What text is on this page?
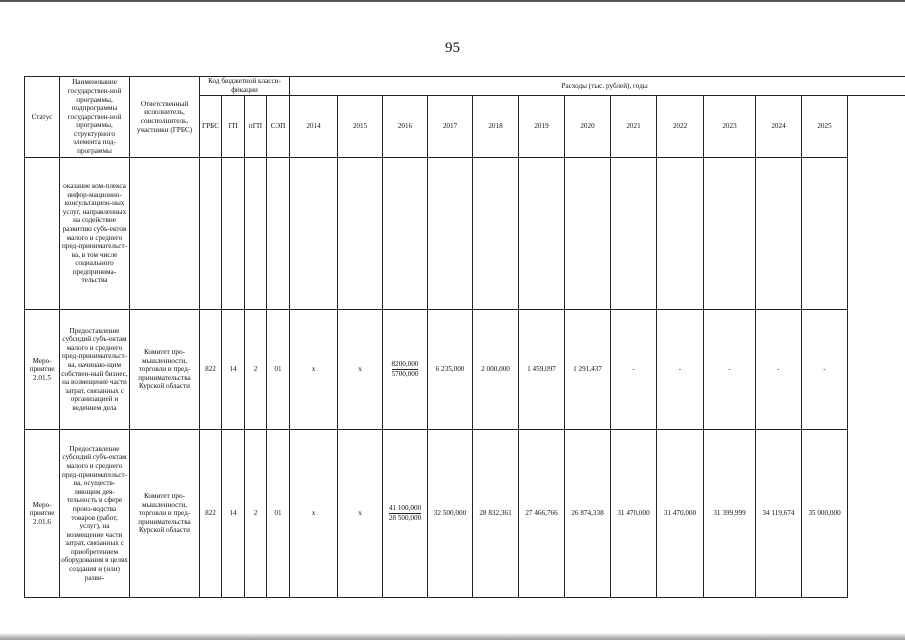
95
Статус	Наименование государствен-ной программы, подпрограммы государствен-ной программы, структурного элемента под-программы	Ответственный исполнитель, соисполнитель, участники (ГРБС)	Код бюджетной класси-фикации				Расходы (тыс. рублей), годы											
			ГРБС	ГП	пГП	СЭП	2014	2015	2016	2017	2018	2019	2020	2021	2022	2023	2024	2025

	оказание ком-плекса инфор-мационно-консультацион-ных услуг, направленных на содействие развитию субъ-ектов малого и среднего пред-принимательст-ва, в том числе социального предпринима-тельства																	
Меро-приятие 2.01.5	Предоставление субсидий субъ-ектам малого и среднего пред-принимательст-ва, начинаю-щим собствен-ный бизнес, на возмещение части затрат, связанных с организацией и ведением дела	Комитет про-мышленности, торговли и пред-принимательства Курской области	822	14	2	01	х	х	$\frac{8200,000}{5700,000}$	6 235,000	2 000,000	1 459,097	1 291,437	-	-	-	-	-
Меро-приятие 2.01.6	Предоставление субсидий субъ-ектам малого и среднего пред-принимательст-ва, осуществ-ляющим дея-тельность в сфере произ-водства товаров (работ, услуг), на возмещение части затрат, связанных с приобретением оборудования в целях создания и (или) разви-	Комитет про-мышленности, торговли и пред-принимательства Курской области	822	14	2	01	х	х	$\frac{41 100,000}{28 500,000}$	32 500,000	28 832,361	27 466,766	26 874,338	31 470,000	31 470,000	31 399,999	34 119,674	35 000,000
